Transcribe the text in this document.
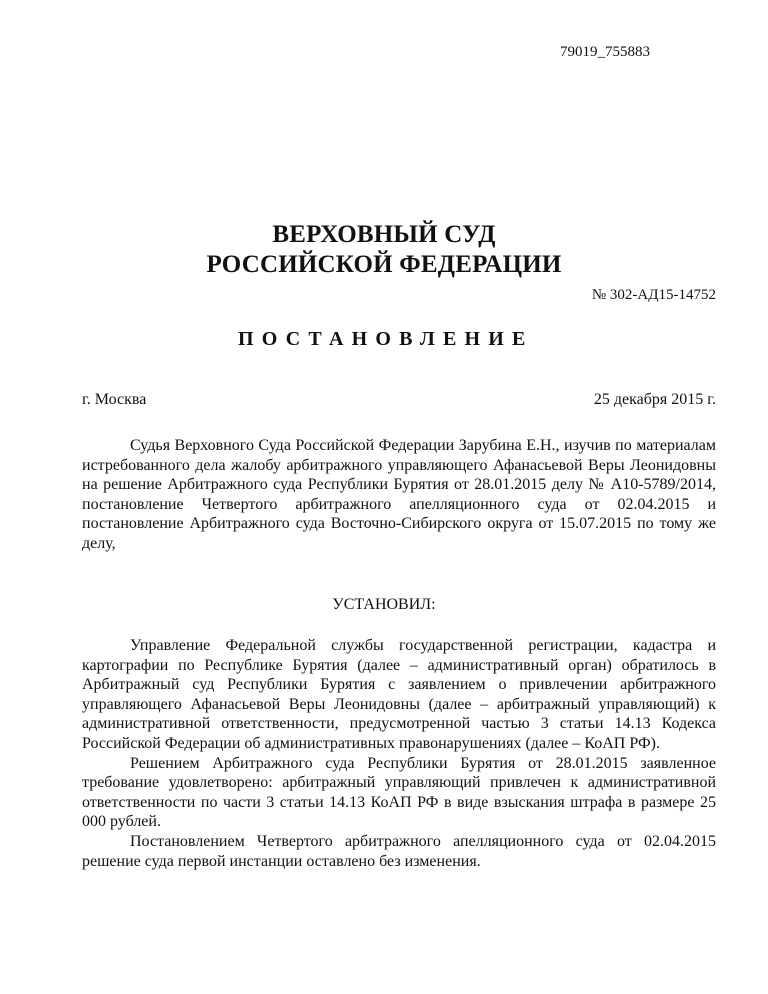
79019_755883
ВЕРХОВНЫЙ СУД
РОССИЙСКОЙ ФЕДЕРАЦИИ
№ 302-АД15-14752
ПОСТАНОВЛЕНИЕ
г. Москва	25 декабря 2015 г.

Судья Верховного Суда Российской Федерации Зарубина Е.Н., изучив по материалам истребованного дела жалобу арбитражного управляющего Афанасьевой Веры Леонидовны на решение Арбитражного суда Республики Бурятия от 28.01.2015 делу № А10-5789/2014, постановление Четвертого арбитражного апелляционного суда от 02.04.2015 и постановление Арбитражного суда Восточно-Сибирского округа от 15.07.2015 по тому же делу,

УСТАНОВИЛ:

Управление Федеральной службы государственной регистрации, кадастра и картографии по Республике Бурятия (далее – административный орган) обратилось в Арбитражный суд Республики Бурятия с заявлением о привлечении арбитражного управляющего Афанасьевой Веры Леонидовны (далее – арбитражный управляющий) к административной ответственности, предусмотренной частью 3 статьи 14.13 Кодекса Российской Федерации об административных правонарушениях (далее – КоАП РФ).

Решением Арбитражного суда Республики Бурятия от 28.01.2015 заявленное требование удовлетворено: арбитражный управляющий привлечен к административной ответственности по части 3 статьи 14.13 КоАП РФ в виде взыскания штрафа в размере 25 000 рублей.

Постановлением Четвертого арбитражного апелляционного суда от 02.04.2015 решение суда первой инстанции оставлено без изменения.
